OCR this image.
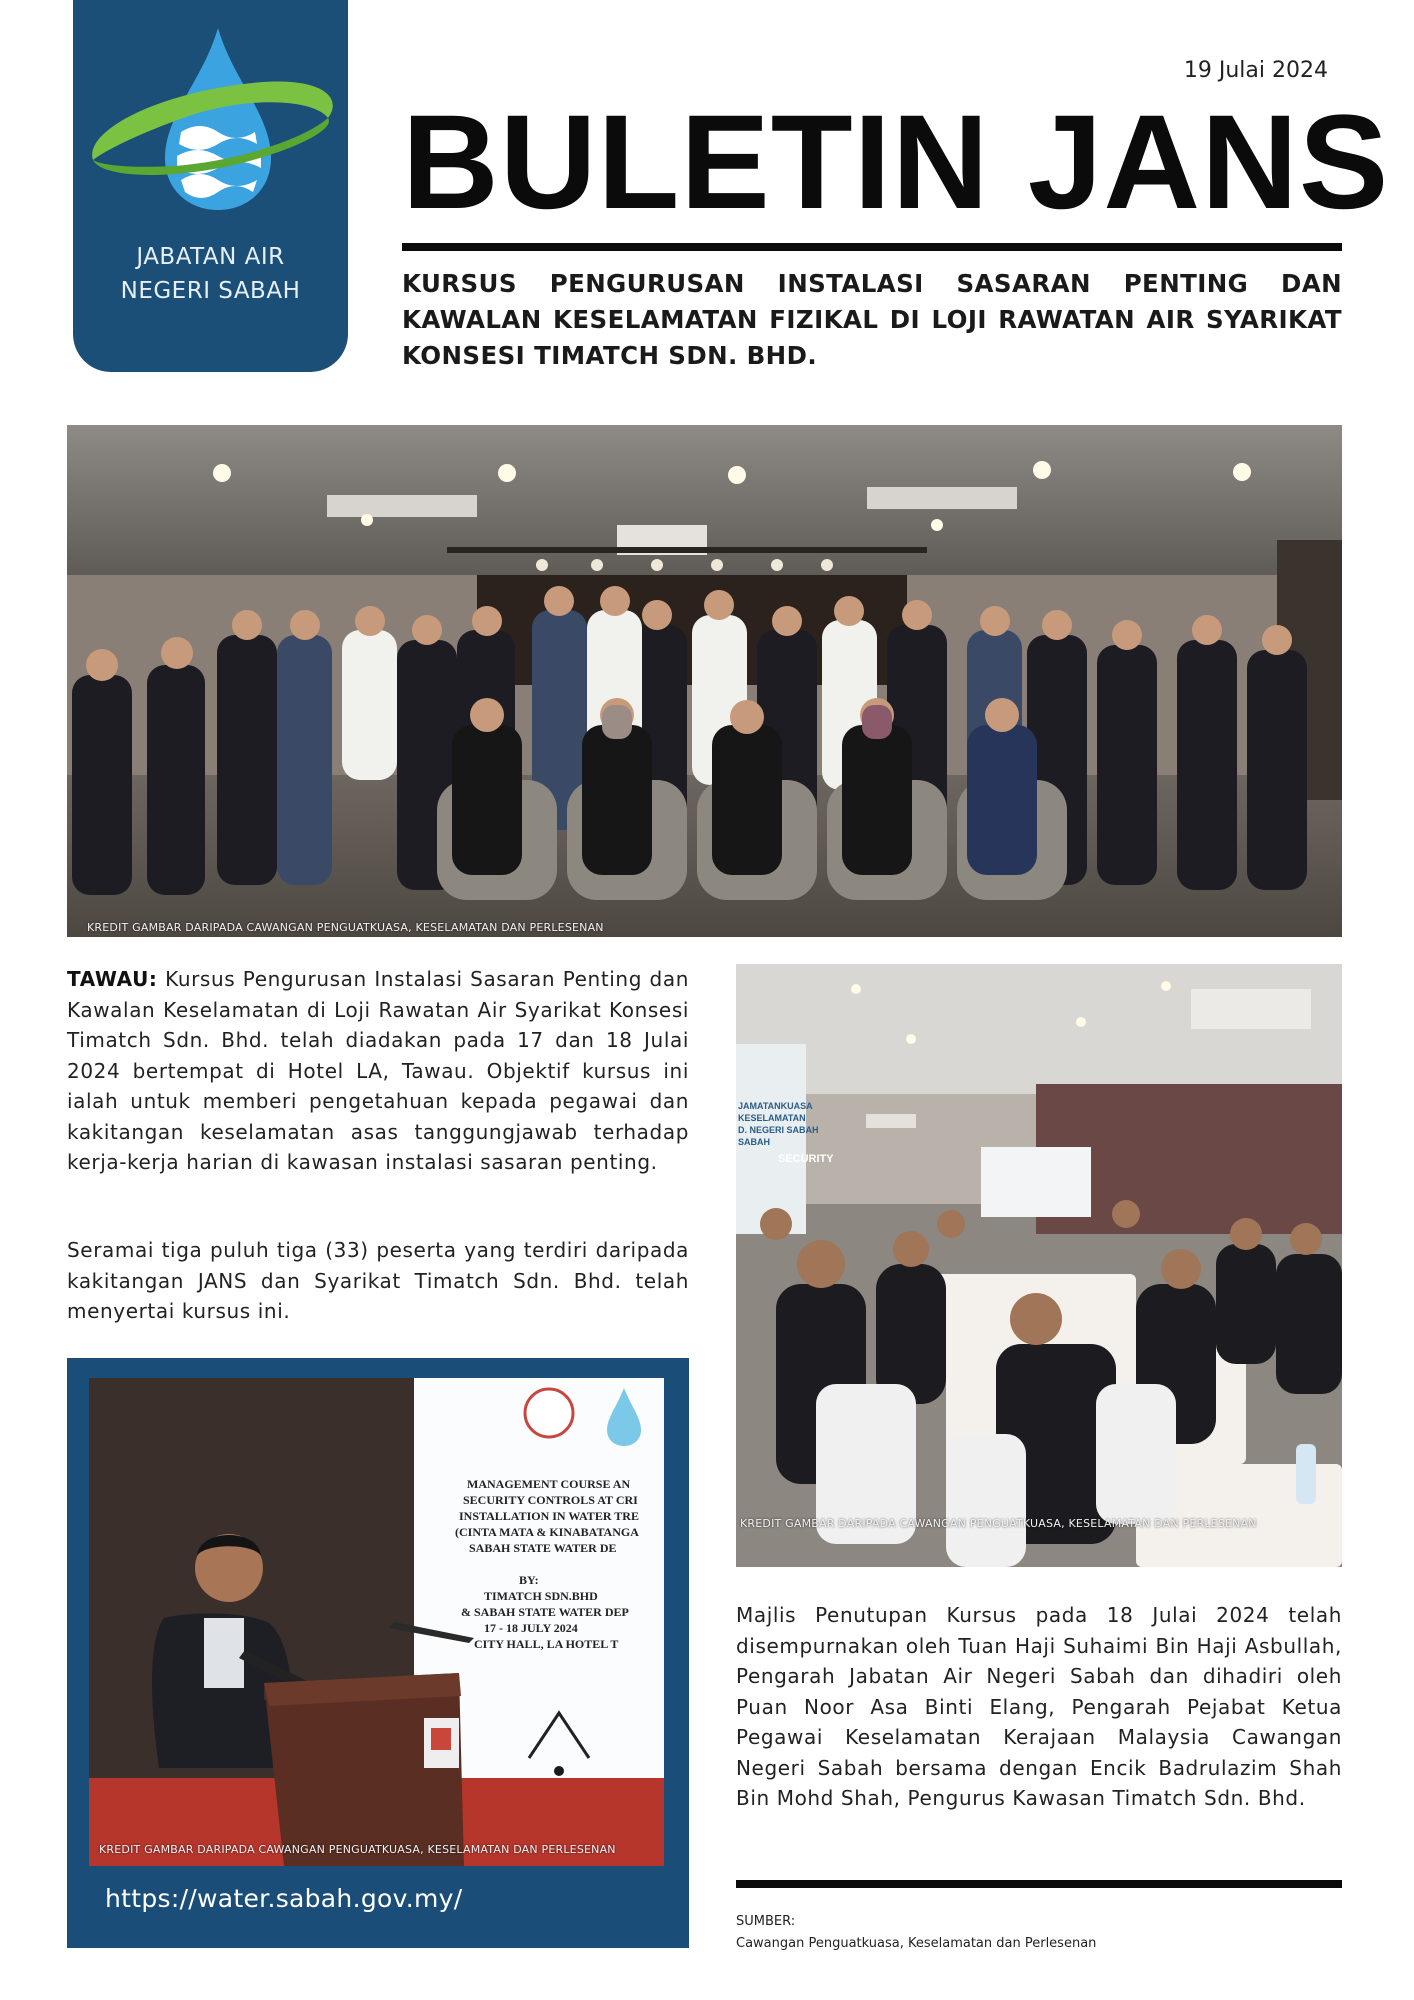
JABATAN AIR
NEGERI SABAH
19 Julai 2024
BULETIN JANS
KURSUS PENGURUSAN INSTALASI SASARAN PENTING DAN KAWALAN KESELAMATAN FIZIKAL DI LOJI RAWATAN AIR SYARIKAT KONSESI TIMATCH SDN. BHD.
KREDIT GAMBAR DARIPADA CAWANGAN PENGUATKUASA, KESELAMATAN DAN PERLESENAN
TAWAU: Kursus Pengurusan Instalasi Sasaran Penting dan Kawalan Keselamatan di Loji Rawatan Air Syarikat Konsesi Timatch Sdn. Bhd. telah diadakan pada 17 dan 18 Julai 2024 bertempat di Hotel LA, Tawau. Objektif kursus ini ialah untuk memberi pengetahuan kepada pegawai dan kakitangan keselamatan asas tanggungjawab terhadap kerja-kerja harian di kawasan instalasi sasaran penting.
Seramai tiga puluh tiga (33) peserta yang terdiri daripada kakitangan JANS dan Syarikat Timatch Sdn. Bhd. telah menyertai kursus ini.
SECURITY
JAMATANKUASA
KESELAMATAN
D. NEGERI SABAH
SABAH
KREDIT GAMBAR DARIPADA CAWANGAN PENGUATKUASA, KESELAMATAN DAN PERLESENAN
Majlis Penutupan Kursus pada 18 Julai 2024 telah disempurnakan oleh Tuan Haji Suhaimi Bin Haji Asbullah, Pengarah Jabatan Air Negeri Sabah dan dihadiri oleh Puan Noor Asa Binti Elang, Pengarah Pejabat Ketua Pegawai Keselamatan Kerajaan Malaysia Cawangan Negeri Sabah bersama dengan Encik Badrulazim Shah Bin Mohd Shah, Pengurus Kawasan Timatch Sdn. Bhd.
MANAGEMENT COURSE AN
SECURITY CONTROLS AT CRI
INSTALLATION IN WATER TRE
(CINTA MATA & KINABATANGA
SABAH STATE WATER DE
BY:
TIMATCH SDN.BHD
& SABAH STATE WATER DEP
17 - 18 JULY 2024
CITY HALL, LA HOTEL T
KREDIT GAMBAR DARIPADA CAWANGAN PENGUATKUASA, KESELAMATAN DAN PERLESENAN
https://water.sabah.gov.my/
SUMBER:
Cawangan Penguatkuasa, Keselamatan dan Perlesenan
